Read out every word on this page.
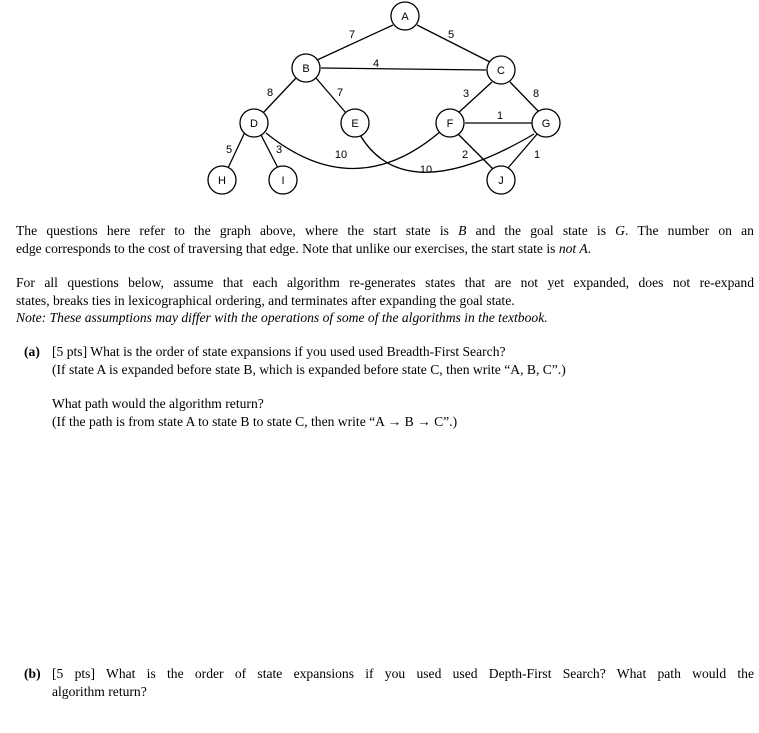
A
B	C
D	E	F	G
H	I	J
7	5
4
8	7	3	8
1
2	1
5	3	10
10
The questions here refer to the graph above, where the start state is B and the goal state is G. The number on an
edge corresponds to the cost of traversing that edge. Note that unlike our exercises, the start state is not A.
For all questions below, assume that each algorithm re-generates states that are not yet expanded, does not re-expand
states, breaks ties in lexicographical ordering, and terminates after expanding the goal state.
Note: These assumptions may differ with the operations of some of the algorithms in the textbook.
(a) [5 pts] What is the order of state expansions if you used used Breadth-First Search?
(If state A is expanded before state B, which is expanded before state C, then write “A, B, C”.)
What path would the algorithm return?
(If the path is from state A to state B to state C, then write “A → B → C”.)
(b) [5 pts] What is the order of state expansions if you used used Depth-First Search? What path would the
algorithm return?
